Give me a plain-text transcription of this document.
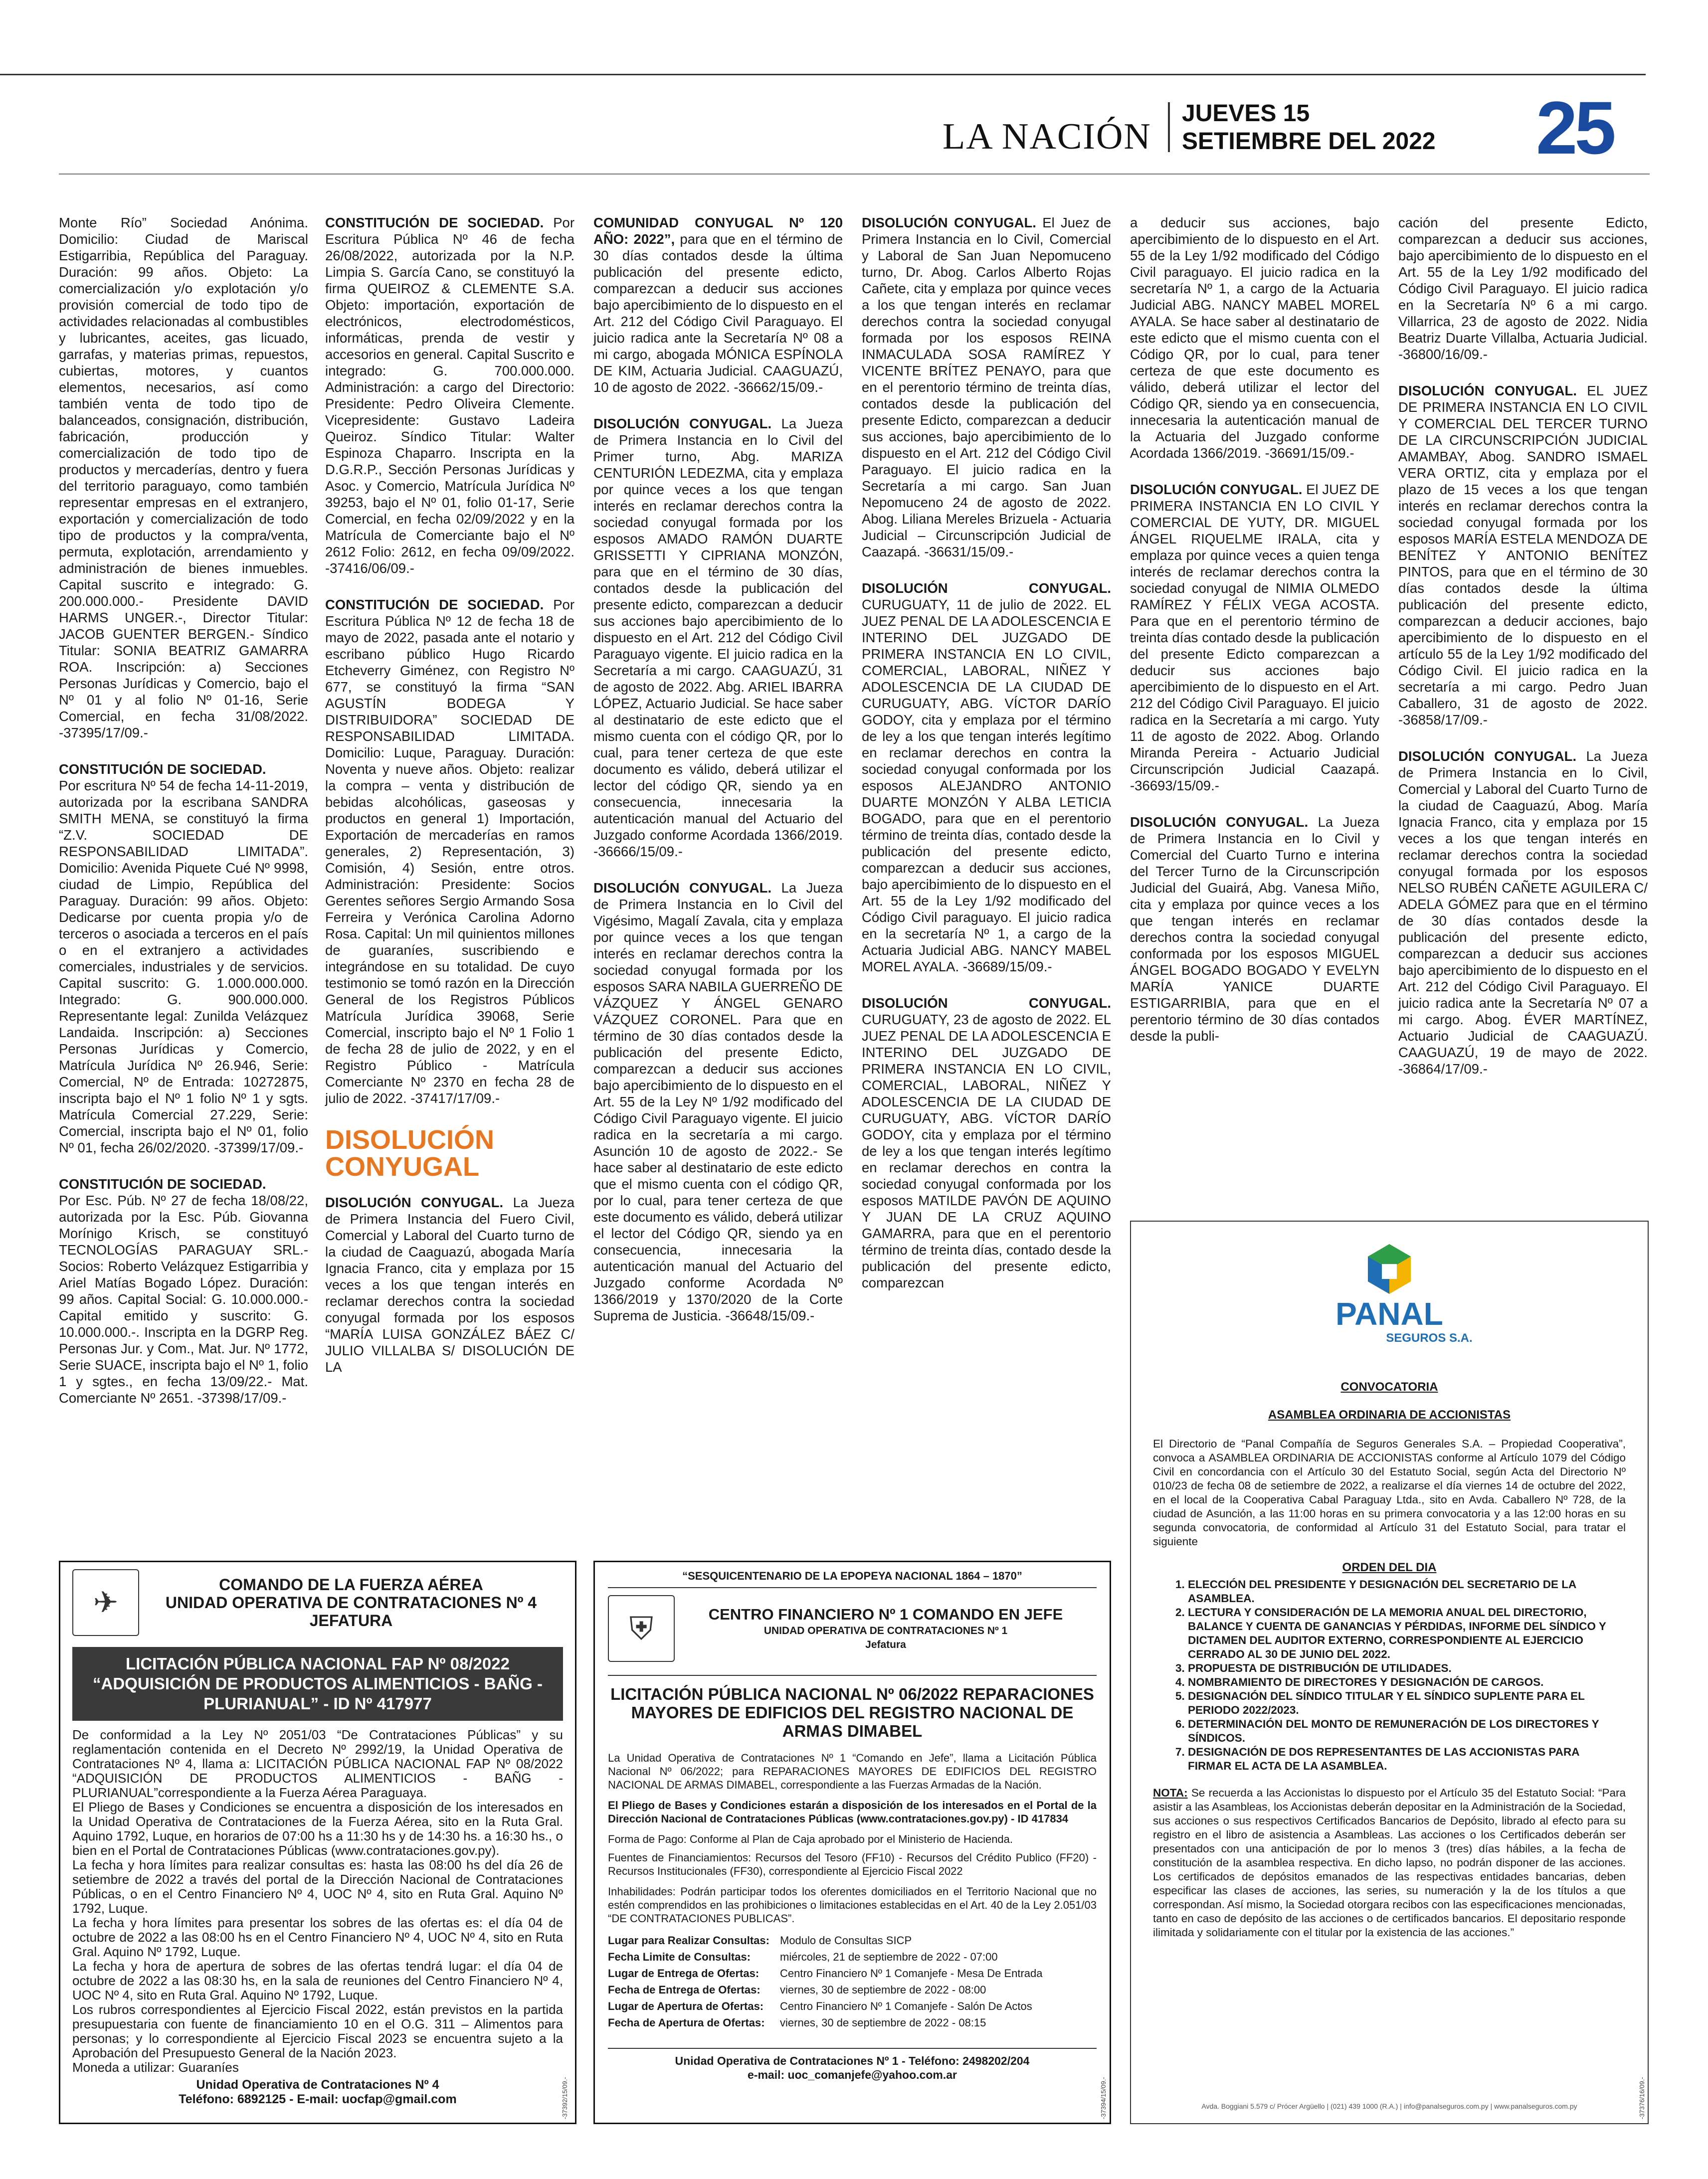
LA NACIÓN
JUEVES 15
SETIEMBRE DEL 2022 25

Monte Río” Sociedad Anónima. Domicilio: Ciudad de Mariscal Estigarribia, República del Paraguay. Duración: 99 años. Objeto: La comercialización y/o explotación y/o provisión comercial de todo tipo de actividades relacionadas al combustibles y lubricantes, aceites, gas licuado, garrafas, y materias primas, repuestos, cubiertas, motores, y cuantos elementos, necesarios, así como también venta de todo tipo de balanceados, consignación, distribución, fabricación, producción y comercialización de todo tipo de productos y mercaderías, dentro y fuera del territorio paraguayo, como también representar empresas en el extranjero, exportación y comercialización de todo tipo de productos y la compra/venta, permuta, explotación, arrendamiento y administración de bienes inmuebles. Capital suscrito e integrado: G. 200.000.000.- Presidente DAVID HARMS UNGER.-, Director Titular: JACOB GUENTER BERGEN.- Síndico Titular: SONIA BEATRIZ GAMARRA ROA. Inscripción: a) Secciones Personas Jurídicas y Comercio, bajo el Nº 01 y al folio Nº 01-16, Serie Comercial, en fecha 31/08/2022. -37395/17/09.-

CONSTITUCIÓN DE SOCIEDAD.
Por escritura Nº 54 de fecha 14-11-2019, autorizada por la escribana SANDRA SMITH MENA, se constituyó la firma “Z.V. SOCIEDAD DE RESPONSABILIDAD LIMITADA”. Domicilio: Avenida Piquete Cué Nº 9998, ciudad de Limpio, República del Paraguay. Duración: 99 años. Objeto: Dedicarse por cuenta propia y/o de terceros o asociada a terceros en el país o en el extranjero a actividades comerciales, industriales y de servicios. Capital suscrito: G. 1.000.000.000. Integrado: G. 900.000.000. Representante legal: Zunilda Velázquez Landaida. Inscripción: a) Secciones Personas Jurídicas y Comercio, Matrícula Jurídica Nº 26.946, Serie: Comercial, Nº de Entrada: 10272875, inscripta bajo el Nº 1 folio Nº 1 y sgts. Matrícula Comercial 27.229, Serie: Comercial, inscripta bajo el Nº 01, folio Nº 01, fecha 26/02/2020. -37399/17/09.-

CONSTITUCIÓN DE SOCIEDAD.
Por Esc. Púb. Nº 27 de fecha 18/08/22, autorizada por la Esc. Púb. Giovanna Morínigo Krisch, se constituyó TECNOLOGÍAS PARAGUAY SRL.- Socios: Roberto Velázquez Estigarribia y Ariel Matías Bogado López. Duración: 99 años. Capital Social: G. 10.000.000.- Capital emitido y suscrito: G. 10.000.000.-. Inscripta en la DGRP Reg. Personas Jur. y Com., Mat. Jur. Nº 1772, Serie SUACE, inscripta bajo el Nº 1, folio 1 y sgtes., en fecha 13/09/22.- Mat. Comerciante Nº 2651. -37398/17/09.-

CONSTITUCIÓN DE SOCIEDAD. Por Escritura Pública Nº 46 de fecha 26/08/2022, autorizada por la N.P. Limpia S. García Cano, se constituyó la firma QUEIROZ & CLEMENTE S.A. Objeto: importación, exportación de electrónicos, electrodomésticos, informáticas, prenda de vestir y accesorios en general. Capital Suscrito e integrado: G. 700.000.000. Administración: a cargo del Directorio: Presidente: Pedro Oliveira Clemente. Vicepresidente: Gustavo Ladeira Queiroz. Síndico Titular: Walter Espinoza Chaparro. Inscripta en la D.G.R.P., Sección Personas Jurídicas y Asoc. y Comercio, Matrícula Jurídica Nº 39253, bajo el Nº 01, folio 01-17, Serie Comercial, en fecha 02/09/2022 y en la Matrícula de Comerciante bajo el Nº 2612 Folio: 2612, en fecha 09/09/2022. -37416/06/09.-

CONSTITUCIÓN DE SOCIEDAD. Por Escritura Pública Nº 12 de fecha 18 de mayo de 2022, pasada ante el notario y escribano público Hugo Ricardo Etcheverry Giménez, con Registro Nº 677, se constituyó la firma “SAN AGUSTÍN BODEGA Y DISTRIBUIDORA” SOCIEDAD DE RESPONSABILIDAD LIMITADA. Domicilio: Luque, Paraguay. Duración: Noventa y nueve años. Objeto: realizar la compra – venta y distribución de bebidas alcohólicas, gaseosas y productos en general 1) Importación, Exportación de mercaderías en ramos generales, 2) Representación, 3) Comisión, 4) Sesión, entre otros. Administración: Presidente: Socios Gerentes señores Sergio Armando Sosa Ferreira y Verónica Carolina Adorno Rosa. Capital: Un mil quinientos millones de guaraníes, suscribiendo e integrándose en su totalidad. De cuyo testimonio se tomó razón en la Dirección General de los Registros Públicos Matrícula Jurídica 39068, Serie Comercial, inscripto bajo el Nº 1 Folio 1 de fecha 28 de julio de 2022, y en el Registro Público - Matrícula Comerciante Nº 2370 en fecha 28 de julio de 2022. -37417/17/09.-

DISOLUCIÓN CONYUGAL

DISOLUCIÓN CONYUGAL. La Jueza de Primera Instancia del Fuero Civil, Comercial y Laboral del Cuarto turno de la ciudad de Caaguazú, abogada María Ignacia Franco, cita y emplaza por 15 veces a los que tengan interés en reclamar derechos contra la sociedad conyugal formada por los esposos “MARÍA LUISA GONZÁLEZ BÁEZ C/ JULIO VILLALBA S/ DISOLUCIÓN DE LA

COMUNIDAD CONYUGAL Nº 120 AÑO: 2022”, para que en el término de 30 días contados desde la última publicación del presente edicto, comparezcan a deducir sus acciones bajo apercibimiento de lo dispuesto en el Art. 212 del Código Civil Paraguayo. El juicio radica ante la Secretaría Nº 08 a mi cargo, abogada MÓNICA ESPÍNOLA DE KIM, Actuaria Judicial. CAAGUAZÚ, 10 de agosto de 2022. -36662/15/09.-

DISOLUCIÓN CONYUGAL. La Jueza de Primera Instancia en lo Civil del Primer turno, Abg. MARIZA CENTURIÓN LEDEZMA, cita y emplaza por quince veces a los que tengan interés en reclamar derechos contra la sociedad conyugal formada por los esposos AMADO RAMÓN DUARTE GRISSETTI Y CIPRIANA MONZÓN, para que en el término de 30 días, contados desde la publicación del presente edicto, comparezcan a deducir sus acciones bajo apercibimiento de lo dispuesto en el Art. 212 del Código Civil Paraguayo vigente. El juicio radica en la Secretaría a mi cargo. CAAGUAZÚ, 31 de agosto de 2022. Abg. ARIEL IBARRA LÓPEZ, Actuario Judicial. Se hace saber al destinatario de este edicto que el mismo cuenta con el código QR, por lo cual, para tener certeza de que este documento es válido, deberá utilizar el lector del código QR, siendo ya en consecuencia, innecesaria la autenticación manual del Actuario del Juzgado conforme Acordada 1366/2019. -36666/15/09.-

DISOLUCIÓN CONYUGAL. La Jueza de Primera Instancia en lo Civil del Vigésimo, Magalí Zavala, cita y emplaza por quince veces a los que tengan interés en reclamar derechos contra la sociedad conyugal formada por los esposos SARA NABILA GUERREÑO DE VÁZQUEZ Y ÁNGEL GENARO VÁZQUEZ CORONEL. Para que en término de 30 días contados desde la publicación del presente Edicto, comparezcan a deducir sus acciones bajo apercibimiento de lo dispuesto en el Art. 55 de la Ley Nº 1/92 modificado del Código Civil Paraguayo vigente. El juicio radica en la secretaría a mi cargo. Asunción 10 de agosto de 2022.- Se hace saber al destinatario de este edicto que el mismo cuenta con el código QR, por lo cual, para tener certeza de que este documento es válido, deberá utilizar el lector del Código QR, siendo ya en consecuencia, innecesaria la autenticación manual del Actuario del Juzgado conforme Acordada Nº 1366/2019 y 1370/2020 de la Corte Suprema de Justicia. -36648/15/09.-

DISOLUCIÓN CONYUGAL. El Juez de Primera Instancia en lo Civil, Comercial y Laboral de San Juan Nepomuceno turno, Dr. Abog. Carlos Alberto Rojas Cañete, cita y emplaza por quince veces a los que tengan interés en reclamar derechos contra la sociedad conyugal formada por los esposos REINA INMACULADA SOSA RAMÍREZ Y VICENTE BRÍTEZ PENAYO, para que en el perentorio término de treinta días, contados desde la publicación del presente Edicto, comparezcan a deducir sus acciones, bajo apercibimiento de lo dispuesto en el Art. 212 del Código Civil Paraguayo. El juicio radica en la Secretaría a mi cargo. San Juan Nepomuceno 24 de agosto de 2022. Abog. Liliana Mereles Brizuela - Actuaria Judicial – Circunscripción Judicial de Caazapá. -36631/15/09.-

DISOLUCIÓN CONYUGAL. CURUGUATY, 11 de julio de 2022. EL JUEZ PENAL DE LA ADOLESCENCIA E INTERINO DEL JUZGADO DE PRIMERA INSTANCIA EN LO CIVIL, COMERCIAL, LABORAL, NIÑEZ Y ADOLESCENCIA DE LA CIUDAD DE CURUGUATY, ABG. VÍCTOR DARÍO GODOY, cita y emplaza por el término de ley a los que tengan interés legítimo en reclamar derechos en contra la sociedad conyugal conformada por los esposos ALEJANDRO ANTONIO DUARTE MONZÓN Y ALBA LETICIA BOGADO, para que en el perentorio término de treinta días, contado desde la publicación del presente edicto, comparezcan a deducir sus acciones, bajo apercibimiento de lo dispuesto en el Art. 55 de la Ley 1/92 modificado del Código Civil paraguayo. El juicio radica en la secretaría Nº 1, a cargo de la Actuaria Judicial ABG. NANCY MABEL MOREL AYALA. -36689/15/09.-

DISOLUCIÓN CONYUGAL. CURUGUATY, 23 de agosto de 2022. EL JUEZ PENAL DE LA ADOLESCENCIA E INTERINO DEL JUZGADO DE PRIMERA INSTANCIA EN LO CIVIL, COMERCIAL, LABORAL, NIÑEZ Y ADOLESCENCIA DE LA CIUDAD DE CURUGUATY, ABG. VÍCTOR DARÍO GODOY, cita y emplaza por el término de ley a los que tengan interés legítimo en reclamar derechos en contra la sociedad conyugal conformada por los esposos MATILDE PAVÓN DE AQUINO Y JUAN DE LA CRUZ AQUINO GAMARRA, para que en el perentorio término de treinta días, contado desde la publicación del presente edicto, comparezcan

a deducir sus acciones, bajo apercibimiento de lo dispuesto en el Art. 55 de la Ley 1/92 modificado del Código Civil paraguayo. El juicio radica en la secretaría Nº 1, a cargo de la Actuaria Judicial ABG. NANCY MABEL MOREL AYALA. Se hace saber al destinatario de este edicto que el mismo cuenta con el Código QR, por lo cual, para tener certeza de que este documento es válido, deberá utilizar el lector del Código QR, siendo ya en consecuencia, innecesaria la autenticación manual de la Actuaria del Juzgado conforme Acordada 1366/2019. -36691/15/09.-

DISOLUCIÓN CONYUGAL. El JUEZ DE PRIMERA INSTANCIA EN LO CIVIL Y COMERCIAL DE YUTY, DR. MIGUEL ÁNGEL RIQUELME IRALA, cita y emplaza por quince veces a quien tenga interés de reclamar derechos contra la sociedad conyugal de NIMIA OLMEDO RAMÍREZ Y FÉLIX VEGA ACOSTA. Para que en el perentorio término de treinta días contado desde la publicación del presente Edicto comparezcan a deducir sus acciones bajo apercibimiento de lo dispuesto en el Art. 212 del Código Civil Paraguayo. El juicio radica en la Secretaría a mi cargo. Yuty 11 de agosto de 2022. Abog. Orlando Miranda Pereira - Actuario Judicial Circunscripción Judicial Caazapá. -36693/15/09.-

DISOLUCIÓN CONYUGAL. La Jueza de Primera Instancia en lo Civil y Comercial del Cuarto Turno e interina del Tercer Turno de la Circunscripción Judicial del Guairá, Abg. Vanesa Miño, cita y emplaza por quince veces a los que tengan interés en reclamar derechos contra la sociedad conyugal conformada por los esposos MIGUEL ÁNGEL BOGADO BOGADO Y EVELYN MARÍA YANICE DUARTE ESTIGARRIBIA, para que en el perentorio término de 30 días contados desde la publi-

cación del presente Edicto, comparezcan a deducir sus acciones, bajo apercibimiento de lo dispuesto en el Art. 55 de la Ley 1/92 modificado del Código Civil Paraguayo. El juicio radica en la Secretaría Nº 6 a mi cargo. Villarrica, 23 de agosto de 2022. Nidia Beatriz Duarte Villalba, Actuaria Judicial. -36800/16/09.-

DISOLUCIÓN CONYUGAL. EL JUEZ DE PRIMERA INSTANCIA EN LO CIVIL Y COMERCIAL DEL TERCER TURNO DE LA CIRCUNSCRIPCIÓN JUDICIAL AMAMBAY, Abog. SANDRO ISMAEL VERA ORTIZ, cita y emplaza por el plazo de 15 veces a los que tengan interés en reclamar derechos contra la sociedad conyugal formada por los esposos MARÍA ESTELA MENDOZA DE BENÍTEZ Y ANTONIO BENÍTEZ PINTOS, para que en el término de 30 días contados desde la última publicación del presente edicto, comparezcan a deducir acciones, bajo apercibimiento de lo dispuesto en el artículo 55 de la Ley 1/92 modificado del Código Civil. El juicio radica en la secretaría a mi cargo. Pedro Juan Caballero, 31 de agosto de 2022. -36858/17/09.-

DISOLUCIÓN CONYUGAL. La Jueza de Primera Instancia en lo Civil, Comercial y Laboral del Cuarto Turno de la ciudad de Caaguazú, Abog. María Ignacia Franco, cita y emplaza por 15 veces a los que tengan interés en reclamar derechos contra la sociedad conyugal formada por los esposos NELSO RUBÉN CAÑETE AGUILERA C/ ADELA GÓMEZ para que en el término de 30 días contados desde la publicación del presente edicto, comparezcan a deducir sus acciones bajo apercibimiento de lo dispuesto en el Art. 212 del Código Civil Paraguayo. El juicio radica ante la Secretaría Nº 07 a mi cargo. Abog. ÉVER MARTÍNEZ, Actuario Judicial de CAAGUAZÚ. CAAGUAZÚ, 19 de mayo de 2022. -36864/17/09.-

✈
COMANDO DE LA FUERZA AÉREA
UNIDAD OPERATIVA DE CONTRATACIONES Nº 4
JEFATURA
LICITACIÓN PÚBLICA NACIONAL FAP Nº 08/2022 “ADQUISICIÓN DE PRODUCTOS ALIMENTICIOS - BAÑG - PLURIANUAL” - ID Nº 417977
De conformidad a la Ley Nº 2051/03 “De Contrataciones Públicas” y su reglamentación contenida en el Decreto Nº 2992/19, la Unidad Operativa de Contrataciones Nº 4, llama a: LICITACIÓN PÚBLICA NACIONAL FAP Nº 08/2022 “ADQUISICIÓN DE PRODUCTOS ALIMENTICIOS - BAÑG - PLURIANUAL”correspondiente a la Fuerza Aérea Paraguaya.
El Pliego de Bases y Condiciones se encuentra a disposición de los interesados en la Unidad Operativa de Contrataciones de la Fuerza Aérea, sito en la Ruta Gral. Aquino 1792, Luque, en horarios de 07:00 hs a 11:30 hs y de 14:30 hs. a 16:30 hs., o bien en el Portal de Contrataciones Públicas (www.contrataciones.gov.py).
La fecha y hora límites para realizar consultas es: hasta las 08:00 hs del día 26 de setiembre de 2022 a través del portal de la Dirección Nacional de Contrataciones Públicas, o en el Centro Financiero Nº 4, UOC Nº 4, sito en Ruta Gral. Aquino Nº 1792, Luque.
La fecha y hora límites para presentar los sobres de las ofertas es: el día 04 de octubre de 2022 a las 08:00 hs en el Centro Financiero Nº 4, UOC Nº 4, sito en Ruta Gral. Aquino Nº 1792, Luque.
La fecha y hora de apertura de sobres de las ofertas tendrá lugar: el día 04 de octubre de 2022 a las 08:30 hs, en la sala de reuniones del Centro Financiero Nº 4, UOC Nº 4, sito en Ruta Gral. Aquino Nº 1792, Luque.
Los rubros correspondientes al Ejercicio Fiscal 2022, están previstos en la partida presupuestaria con fuente de financiamiento 10 en el O.G. 311 – Alimentos para personas; y lo correspondiente al Ejercicio Fiscal 2023 se encuentra sujeto a la Aprobación del Presupuesto General de la Nación 2023.
Moneda a utilizar: Guaraníes
Unidad Operativa de Contrataciones Nº 4
Teléfono: 6892125 - E-mail: uocfap@gmail.com	-37392/15/09.-
“SESQUICENTENARIO DE LA EPOPEYA NACIONAL 1864 – 1870”
⛨	CENTRO FINANCIERO Nº 1 COMANDO EN JEFE
UNIDAD OPERATIVA DE CONTRATACIONES Nº 1
Jefatura
LICITACIÓN PÚBLICA NACIONAL Nº 06/2022 REPARACIONES MAYORES DE EDIFICIOS DEL REGISTRO NACIONAL DE ARMAS DIMABEL
La Unidad Operativa de Contrataciones Nº 1 “Comando en Jefe”, llama a Licitación Pública Nacional Nº 06/2022; para REPARACIONES MAYORES DE EDIFICIOS DEL REGISTRO NACIONAL DE ARMAS DIMABEL, correspondiente a las Fuerzas Armadas de la Nación.
El Pliego de Bases y Condiciones estarán a disposición de los interesados en el Portal de la Dirección Nacional de Contrataciones Públicas (www.contrataciones.gov.py) - ID 417834
Forma de Pago: Conforme al Plan de Caja aprobado por el Ministerio de Hacienda.
Fuentes de Financiamientos: Recursos del Tesoro (FF10) - Recursos del Crédito Publico (FF20) - Recursos Institucionales (FF30), correspondiente al Ejercicio Fiscal 2022
Inhabilidades: Podrán participar todos los oferentes domiciliados en el Territorio Nacional que no estén comprendidos en las prohibiciones o limitaciones establecidas en el Art. 40 de la Ley 2.051/03 “DE CONTRATACIONES PUBLICAS”.
Lugar para Realizar Consultas: Modulo de Consultas SICP
Fecha Limite de Consultas:	miércoles, 21 de septiembre de 2022 - 07:00
Lugar de Entrega de Ofertas:	Centro Financiero Nº 1 Comanjefe - Mesa De Entrada
Fecha de Entrega de Ofertas:	viernes, 30 de septiembre de 2022 - 08:00
Lugar de Apertura de Ofertas:	Centro Financiero Nº 1 Comanjefe - Salón De Actos
Fecha de Apertura de Ofertas:	viernes, 30 de septiembre de 2022 - 08:15
Unidad Operativa de Contrataciones Nº 1 - Teléfono: 2498202/204
e-mail: uoc_comanjefe@yahoo.com.ar
-37394/15/09.-
PANAL
SEGUROS S.A.
CONVOCATORIA
ASAMBLEA ORDINARIA DE ACCIONISTAS
El Directorio de “Panal Compañía de Seguros Generales S.A. – Propiedad Cooperativa”, convoca a ASAMBLEA ORDINARIA DE ACCIONISTAS conforme al Artículo 1079 del Código Civil en concordancia con el Artículo 30 del Estatuto Social, según Acta del Directorio Nº 010/23 de fecha 08 de setiembre de 2022, a realizarse el día viernes 14 de octubre del 2022, en el local de la Cooperativa Cabal Paraguay Ltda., sito en Avda. Caballero Nº 728, de la ciudad de Asunción, a las 11:00 horas en su primera convocatoria y a las 12:00 horas en su segunda convocatoria, de conformidad al Artículo 31 del Estatuto Social, para tratar el siguiente
ORDEN DEL DIA
1. ELECCIÓN DEL PRESIDENTE Y DESIGNACIÓN DEL SECRETARIO DE LA ASAMBLEA.
2. LECTURA Y CONSIDERACIÓN DE LA MEMORIA ANUAL DEL DIRECTORIO, BALANCE Y CUENTA DE GANANCIAS Y PÉRDIDAS, INFORME DEL SÍNDICO Y DICTAMEN DEL AUDITOR EXTERNO, CORRESPONDIENTE AL EJERCICIO CERRADO AL 30 DE JUNIO DEL 2022.
3. PROPUESTA DE DISTRIBUCIÓN DE UTILIDADES.
4. NOMBRAMIENTO DE DIRECTORES Y DESIGNACIÓN DE CARGOS.
5. DESIGNACIÓN DEL SÍNDICO TITULAR Y EL SÍNDICO SUPLENTE PARA EL PERIODO 2022/2023.
6. DETERMINACIÓN DEL MONTO DE REMUNERACIÓN DE LOS DIRECTORES Y SÍNDICOS.
7. DESIGNACIÓN DE DOS REPRESENTANTES DE LAS ACCIONISTAS PARA FIRMAR EL ACTA DE LA ASAMBLEA.
NOTA: Se recuerda a las Accionistas lo dispuesto por el Artículo 35 del Estatuto Social: “Para asistir a las Asambleas, los Accionistas deberán depositar en la Administración de la Sociedad, sus acciones o sus respectivos Certificados Bancarios de Depósito, librado al efecto para su registro en el libro de asistencia a Asambleas. Las acciones o los Certificados deberán ser presentados con una anticipación de por lo menos 3 (tres) días hábiles, a la fecha de constitución de la asamblea respectiva. En dicho lapso, no podrán disponer de las acciones. Los certificados de depósitos emanados de las respectivas entidades bancarias, deben especificar las clases de acciones, las series, su numeración y la de los títulos a que correspondan. Así mismo, la Sociedad otorgara recibos con las especificaciones mencionadas, tanto en caso de depósito de las acciones o de certificados bancarios. El depositario responde ilimitada y solidariamente con el titular por la existencia de las acciones.”
Avda. Boggiani 5.579 c/ Prócer Argüello | (021) 439 1000 (R.A.) | info@panalseguros.com.py | www.panalseguros.com.py	-37376/16/09.-
